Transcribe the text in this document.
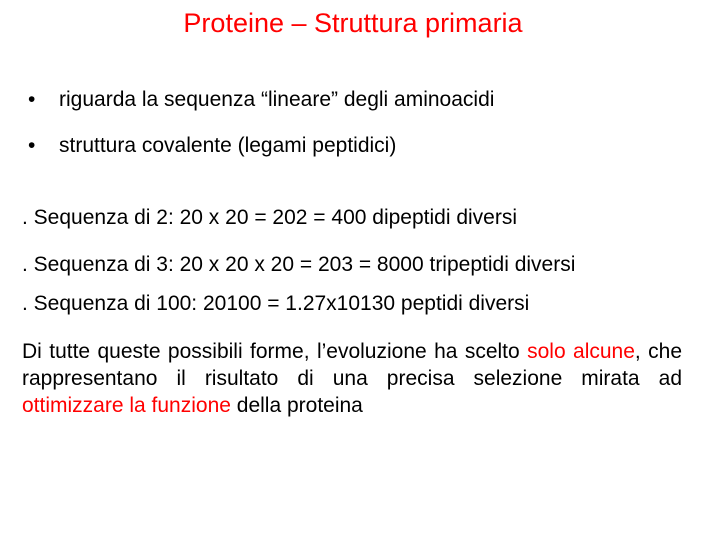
Proteine – Struttura primaria
• riguarda la sequenza “lineare” degli aminoacidi
• struttura covalente (legami peptidici)
. Sequenza di 2: 20 x 20 = 202 = 400 dipeptidi diversi
. Sequenza di 3: 20 x 20 x 20 = 203 = 8000 tripeptidi diversi
. Sequenza di 100: 20100 = 1.27x10130 peptidi diversi
Di tutte queste possibili forme, l’evoluzione ha scelto solo alcune, che rappresentano il risultato di una precisa selezione mirata ad ottimizzare la funzione della proteina
